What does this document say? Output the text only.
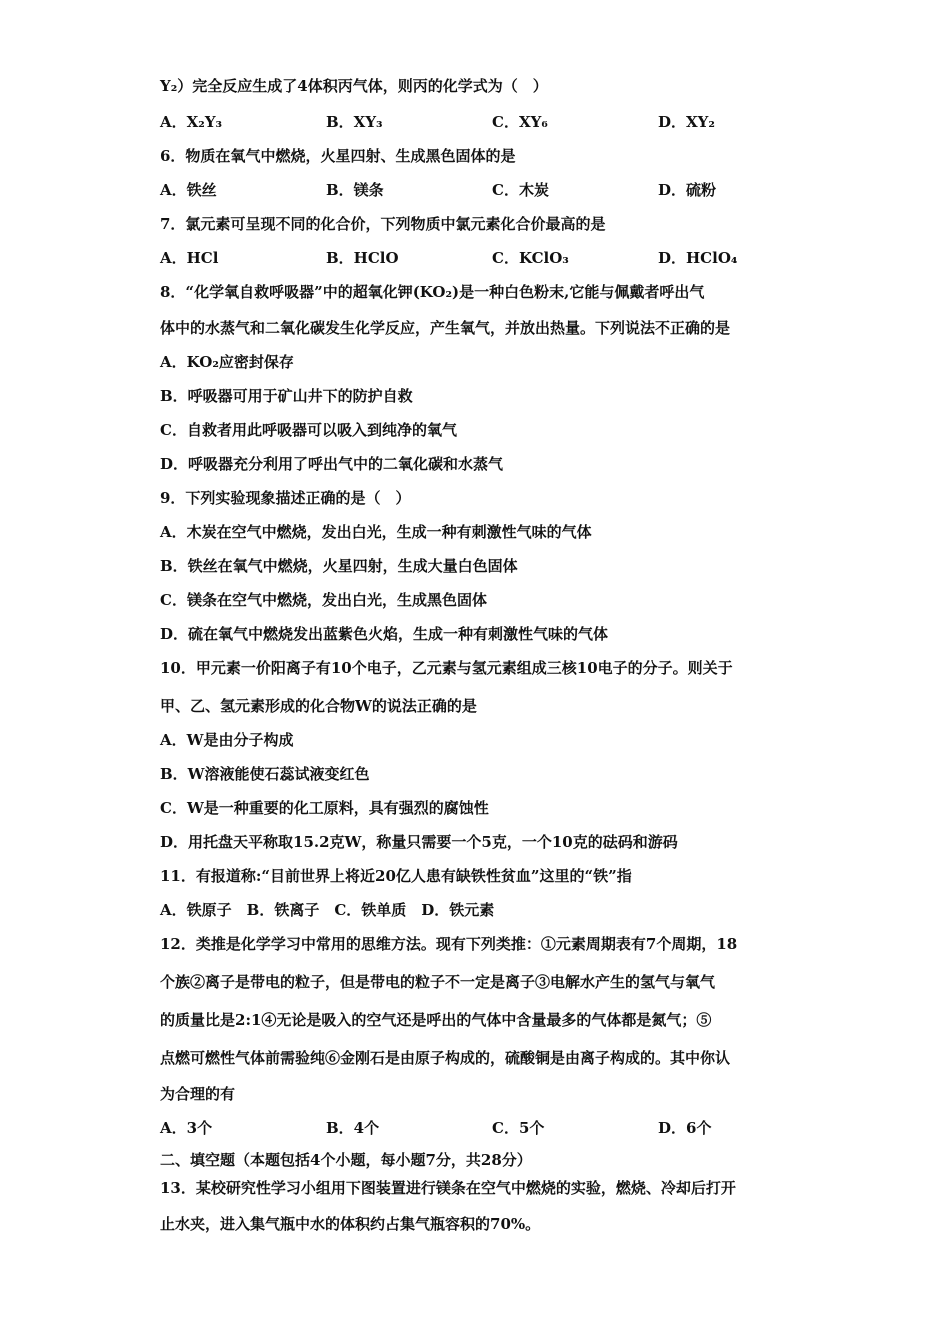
Y₂）完全反应生成了4体积丙气体，则丙的化学式为（　）
A．X₂Y₃	B．XY₃	C．XY₆	D．XY₂
6．物质在氧气中燃烧，火星四射、生成黑色固体的是
A．铁丝	B．镁条	C．木炭	D．硫粉
7．氯元素可呈现不同的化合价，下列物质中氯元素化合价最高的是
A．HCl	B．HClO	C．KClO₃	D．HClO₄
8．“化学氧自救呼吸器”中的超氧化钾(KO₂)是一种白色粉末,它能与佩戴者呼出气
体中的水蒸气和二氧化碳发生化学反应，产生氧气，并放出热量。下列说法不正确的是
A．KO₂应密封保存
B．呼吸器可用于矿山井下的防护自救
C．自救者用此呼吸器可以吸入到纯净的氧气
D．呼吸器充分利用了呼出气中的二氧化碳和水蒸气
9．下列实验现象描述正确的是（　）
A．木炭在空气中燃烧，发出白光，生成一种有刺激性气味的气体
B．铁丝在氧气中燃烧，火星四射，生成大量白色固体
C．镁条在空气中燃烧，发出白光，生成黑色固体
D．硫在氧气中燃烧发出蓝紫色火焰，生成一种有刺激性气味的气体
10．甲元素一价阳离子有10个电子，乙元素与氢元素组成三核10电子的分子。则关于
甲、乙、氢元素形成的化合物W的说法正确的是
A．W是由分子构成
B．W溶液能使石蕊试液变红色
C．W是一种重要的化工原料，具有强烈的腐蚀性
D．用托盘天平称取15.2克W，称量只需要一个5克，一个10克的砝码和游码
11．有报道称:“目前世界上将近20亿人患有缺铁性贫血”这里的“铁”指
A．铁原子　B．铁离子　C．铁单质　D．铁元素
12．类推是化学学习中常用的思维方法。现有下列类推：①元素周期表有7个周期，18
个族②离子是带电的粒子，但是带电的粒子不一定是离子③电解水产生的氢气与氧气
的质量比是2:1④无论是吸入的空气还是呼出的气体中含量最多的气体都是氮气；⑤
点燃可燃性气体前需验纯⑥金刚石是由原子构成的，硫酸铜是由离子构成的。其中你认
为合理的有
A．3个	B．4个	C．5个	D．6个
二、填空题（本题包括4个小题，每小题7分，共28分）
13．某校研究性学习小组用下图装置进行镁条在空气中燃烧的实验，燃烧、冷却后打开
止水夹，进入集气瓶中水的体积约占集气瓶容积的70%。
